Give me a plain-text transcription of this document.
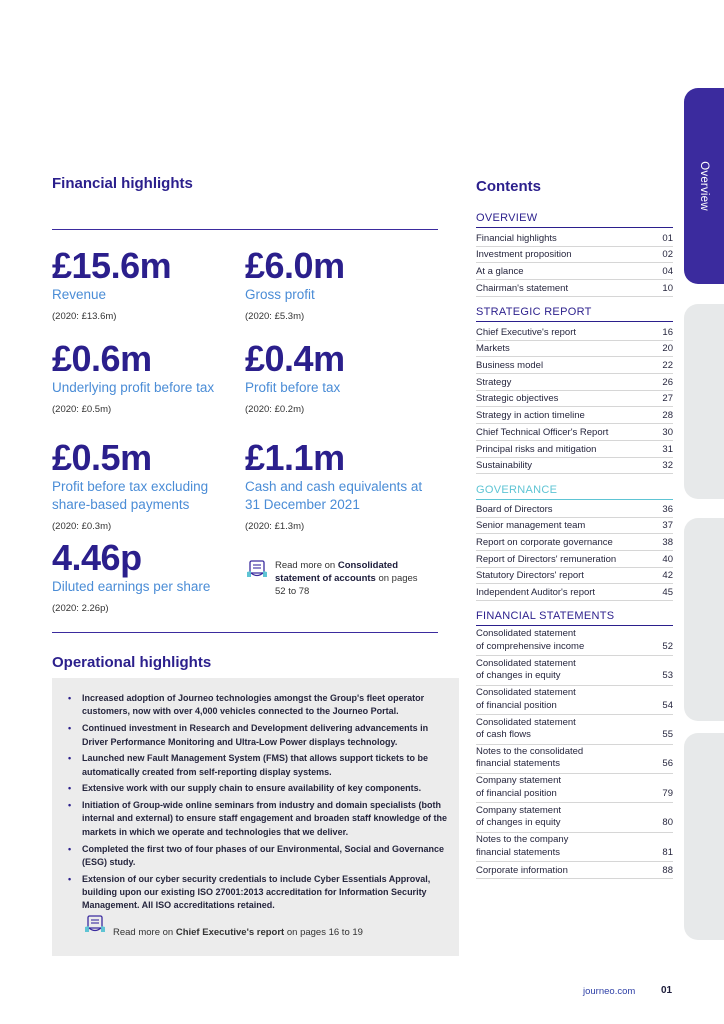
Overview
Financial highlights
£15.6m
Revenue
(2020: £13.6m)
£6.0m
Gross profit
(2020: £5.3m)
£0.6m
Underlying profit before tax
(2020: £0.5m)
£0.4m
Profit before tax
(2020: £0.2m)
£0.5m
Profit before tax excluding share-based payments
(2020: £0.3m)
£1.1m
Cash and cash equivalents at 31 December 2021
(2020: £1.3m)
4.46p
Diluted earnings per share
(2020: 2.26p)
Read more on Consolidated statement of accounts on pages 52 to 78
Operational highlights
• Increased adoption of Journeo technologies amongst the Group's fleet operator customers, now with over 4,000 vehicles connected to the Journeo Portal.
• Continued investment in Research and Development delivering advancements in Driver Performance Monitoring and Ultra-Low Power displays technology.
• Launched new Fault Management System (FMS) that allows support tickets to be automatically created from self-reporting display systems.
• Extensive work with our supply chain to ensure availability of key components.
• Initiation of Group-wide online seminars from industry and domain specialists (both internal and external) to ensure staff engagement and broaden staff knowledge of the markets in which we operate and technologies that we deliver.
• Completed the first two of four phases of our Environmental, Social and Governance (ESG) study.
• Extension of our cyber security credentials to include Cyber Essentials Approval, building upon our existing ISO 27001:2013 accreditation for Information Security Management. All ISO accreditations retained.
Read more on Chief Executive's report on pages 16 to 19
Contents
OVERVIEW
Financial highlights	01
Investment proposition	02
At a glance	04
Chairman's statement	10
STRATEGIC REPORT
Chief Executive's report	16
Markets	20
Business model	22
Strategy	26
Strategic objectives	27
Strategy in action timeline	28
Chief Technical Officer's Report	30
Principal risks and mitigation	31
Sustainability	32
GOVERNANCE
Board of Directors	36
Senior management team	37
Report on corporate governance	38
Report of Directors' remuneration	40
Statutory Directors' report	42
Independent Auditor's report	45
FINANCIAL STATEMENTS
Consolidated statement
of comprehensive income	52
Consolidated statement
of changes in equity	53
Consolidated statement
of financial position	54
Consolidated statement
of cash flows	55
Notes to the consolidated
financial statements	56
Company statement
of financial position	79
Company statement
of changes in equity	80
Notes to the company
financial statements	81
Corporate information	88
journeo.com	01
